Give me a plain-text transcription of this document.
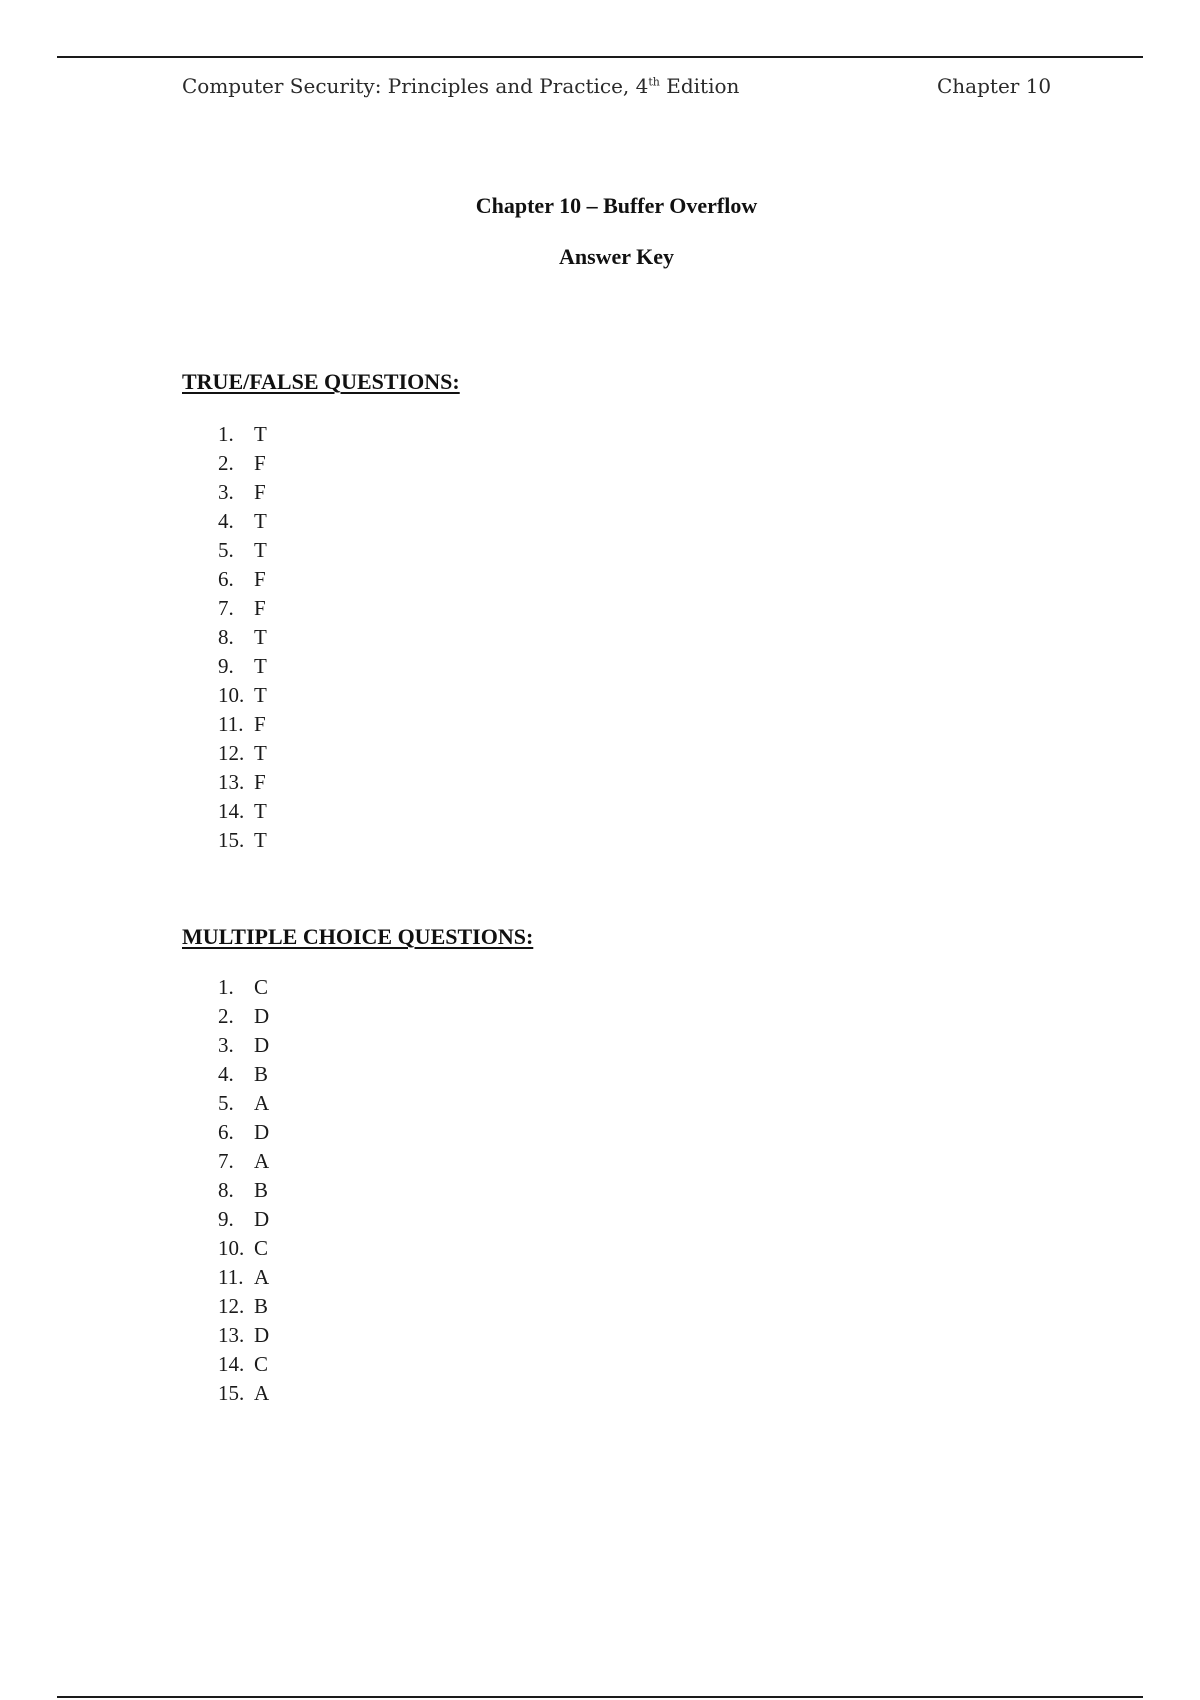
Computer Security: Principles and Practice, 4th Edition	Chapter 10
Chapter 10 – Buffer Overflow
Answer Key
TRUE/FALSE QUESTIONS:
1. T
2. F
3. F
4. T
5. T
6. F
7. F
8. T
9. T
10. T
11. F
12. T
13. F
14. T
15. T
MULTIPLE CHOICE QUESTIONS:
1. C
2. D
3. D
4. B
5. A
6. D
7. A
8. B
9. D
10. C
11. A
12. B
13. D
14. C
15. A
